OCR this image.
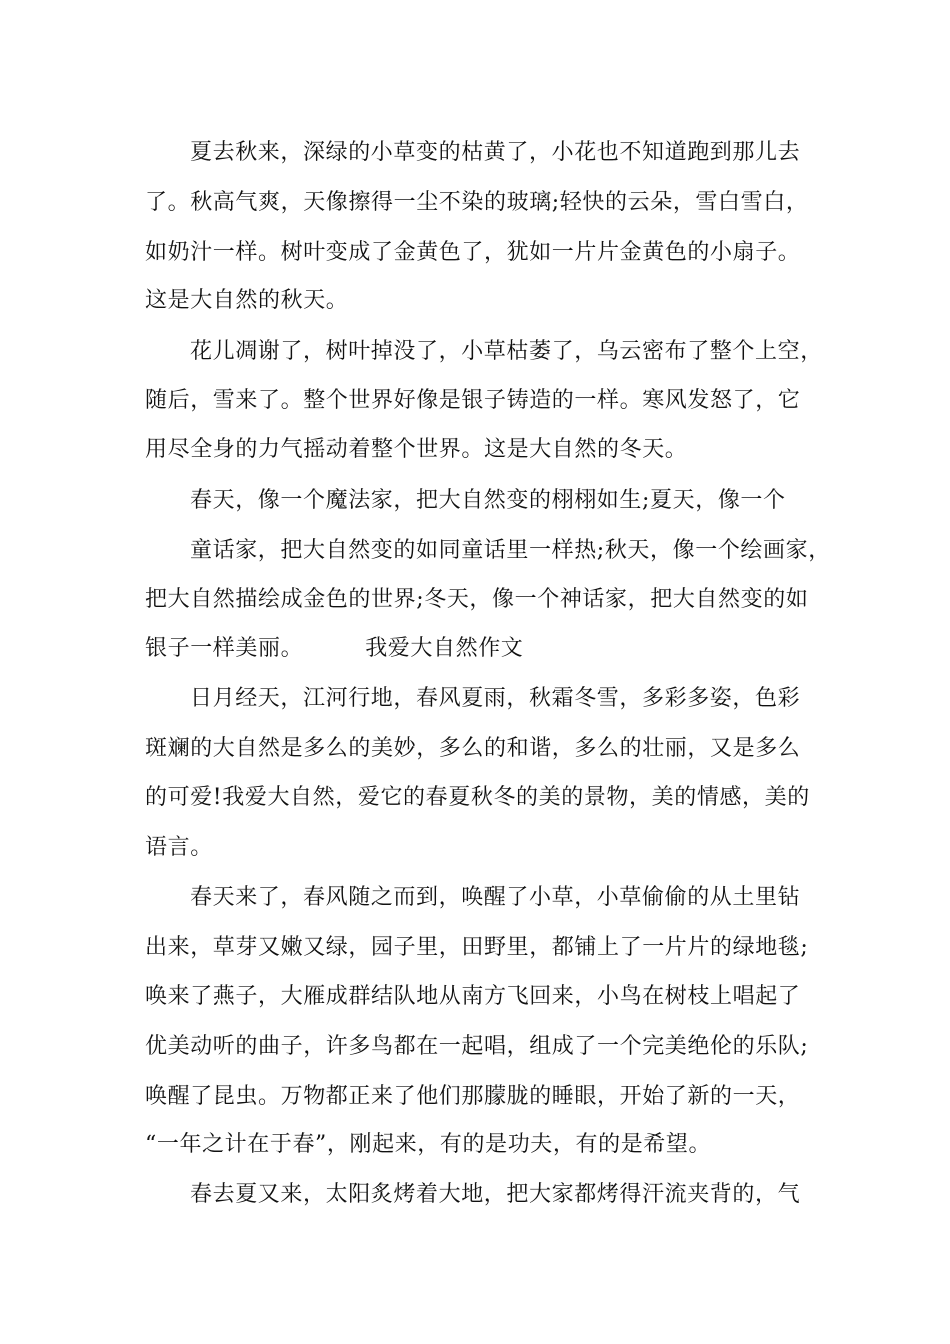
夏去秋来，深绿的小草变的枯黄了，小花也不知道跑到那儿去
了。秋高气爽，天像擦得一尘不染的玻璃;轻快的云朵，雪白雪白，
如奶汁一样。树叶变成了金黄色了，犹如一片片金黄色的小扇子。
这是大自然的秋天。
花儿凋谢了，树叶掉没了，小草枯萎了，乌云密布了整个上空，
随后，雪来了。整个世界好像是银子铸造的一样。寒风发怒了，它
用尽全身的力气摇动着整个世界。这是大自然的冬天。
春天，像一个魔法家，把大自然变的栩栩如生;夏天，像一个
童话家，把大自然变的如同童话里一样热;秋天，像一个绘画家，
把大自然描绘成金色的世界;冬天，像一个神话家，把大自然变的如
银子一样美丽。	我爱大自然作文
日月经天，江河行地，春风夏雨，秋霜冬雪，多彩多姿，色彩
斑斓的大自然是多么的美妙，多么的和谐，多么的壮丽，又是多么
的可爱!我爱大自然，爱它的春夏秋冬的美的景物，美的情感，美的
语言。
春天来了，春风随之而到，唤醒了小草，小草偷偷的从土里钻
出来，草芽又嫩又绿，园子里，田野里，都铺上了一片片的绿地毯;
唤来了燕子，大雁成群结队地从南方飞回来，小鸟在树枝上唱起了
优美动听的曲子，许多鸟都在一起唱，组成了一个完美绝伦的乐队;
唤醒了昆虫。万物都正来了他们那朦胧的睡眼，开始了新的一天，
“一年之计在于春”，刚起来，有的是功夫，有的是希望。
春去夏又来，太阳炙烤着大地，把大家都烤得汗流夹背的，气
